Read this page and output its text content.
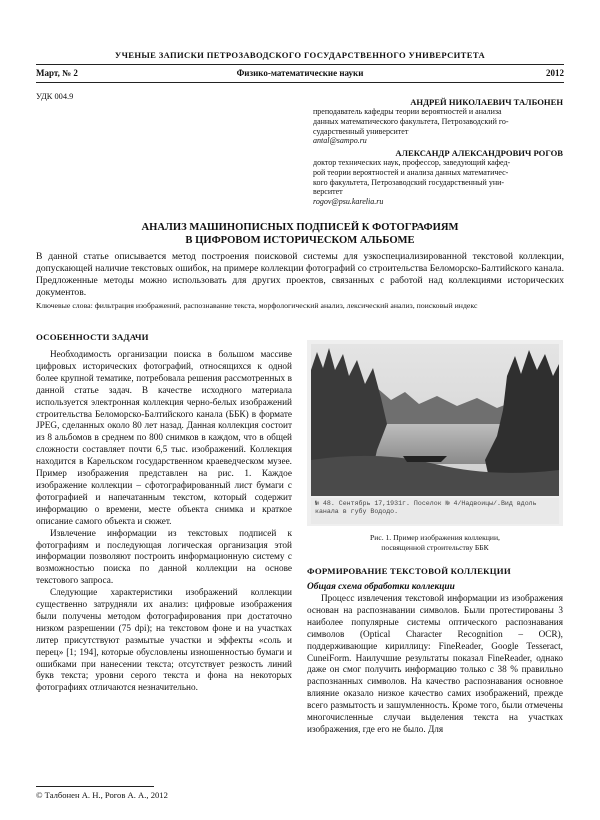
УЧЕНЫЕ ЗАПИСКИ ПЕТРОЗАВОДСКОГО ГОСУДАРСТВЕННОГО УНИВЕРСИТЕТА
Март, № 2	Физико-математические науки	2012
УДК 004.9
АНДРЕЙ НИКОЛАЕВИЧ ТАЛБОНЕН
преподаватель кафедры теории вероятностей и анализа
данных математического факультета, Петрозаводский го-
сударственный университет
antal@sampo.ru
АЛЕКСАНДР АЛЕКСАНДРОВИЧ РОГОВ
доктор технических наук, профессор, заведующий кафед-
рой теории вероятностей и анализа данных математичес-
кого факультета, Петрозаводский государственный уни-
верситет
rogov@psu.karelia.ru
АНАЛИЗ МАШИНОПИСНЫХ ПОДПИСЕЙ К ФОТОГРАФИЯМ
В ЦИФРОВОМ ИСТОРИЧЕСКОМ АЛЬБОМЕ
В данной статье описывается метод построения поисковой системы для узкоспециализированной текстовой коллекции, допускающей наличие текстовых ошибок, на примере коллекции фотографий со строительства Беломорско-Балтийского канала. Предложенные методы можно использовать для других проектов, связанных с работой над коллекциями исторических документов.
Ключевые слова: фильтрация изображений, распознавание текста, морфологический анализ, лексический анализ, поисковый индекс
ОСОБЕННОСТИ ЗАДАЧИ

Необходимость организации поиска в большом массиве цифровых исторических фотографий, относящихся к одной более крупной тематике, потребовала решения рассмотренных в данной статье задач. В качестве исходного материала используется электронная коллекция черно-белых изображений строительства Беломорско-Балтийского канала (ББК) в формате JPEG, сделанных около 80 лет назад. Данная коллекция состоит из 8 альбомов в среднем по 800 снимков в каждом, что в общей сложности составляет почти 6,5 тыс. изображений. Коллекция находится в Карельском государственном краеведческом музее. Пример изображения представлен на рис. 1. Каждое изображение коллекции – сфотографированный лист бумаги с фотографией и напечатанным текстом, который содержит информацию о времени, месте объекта снимка и краткое описание самого объекта и сюжет.

Извлечение информации из текстовых подписей к фотографиям и последующая логическая организация этой информации позволяют построить информационную систему с возможностью поиска по данной коллекции на основе текстового запроса.

Следующие характеристики изображений коллекции существенно затрудняли их анализ: цифровые изображения были получены методом фотографирования при достаточно низком разрешении (75 dpi); на текстовом фоне и на участках литер присутствуют размытые участки и эффекты «соль и перец» [1; 194], которые обусловлены изношенностью бумаги и ошибками при нанесении текста; отсутствует резкость линий букв текста; уровни серого текста и фона на некоторых фотографиях отличаются незначительно.

№ 48. Сентябрь 17,1931г. Поселок № 4/Надвоицы/.Вид вдоль канала в губу Вододо.
Рис. 1. Пример изображения коллекции,
посвященной строительству ББК
ФОРМИРОВАНИЕ ТЕКСТОВОЙ КОЛЛЕКЦИИ
Общая схема обработки коллекции

Процесс извлечения текстовой информации из изображения основан на распознавании символов. Были протестированы 3 наиболее популярные системы оптического распознавания символов (Optical Character Recognition – OCR), поддерживающие кириллицу: FineReader, Google Tesseract, CuneiForm. Наилучшие результаты показал FineReader, однако даже он смог получить информацию только с 38 % правильно распознанных символов. На качество распознавания основное влияние оказало низкое качество самих изображений, прежде всего размытость и зашумленность. Кроме того, были отмечены многочисленные случаи выделения текста на участках изображения, где его не было. Для

© Талбонен А. Н., Рогов А. А., 2012
